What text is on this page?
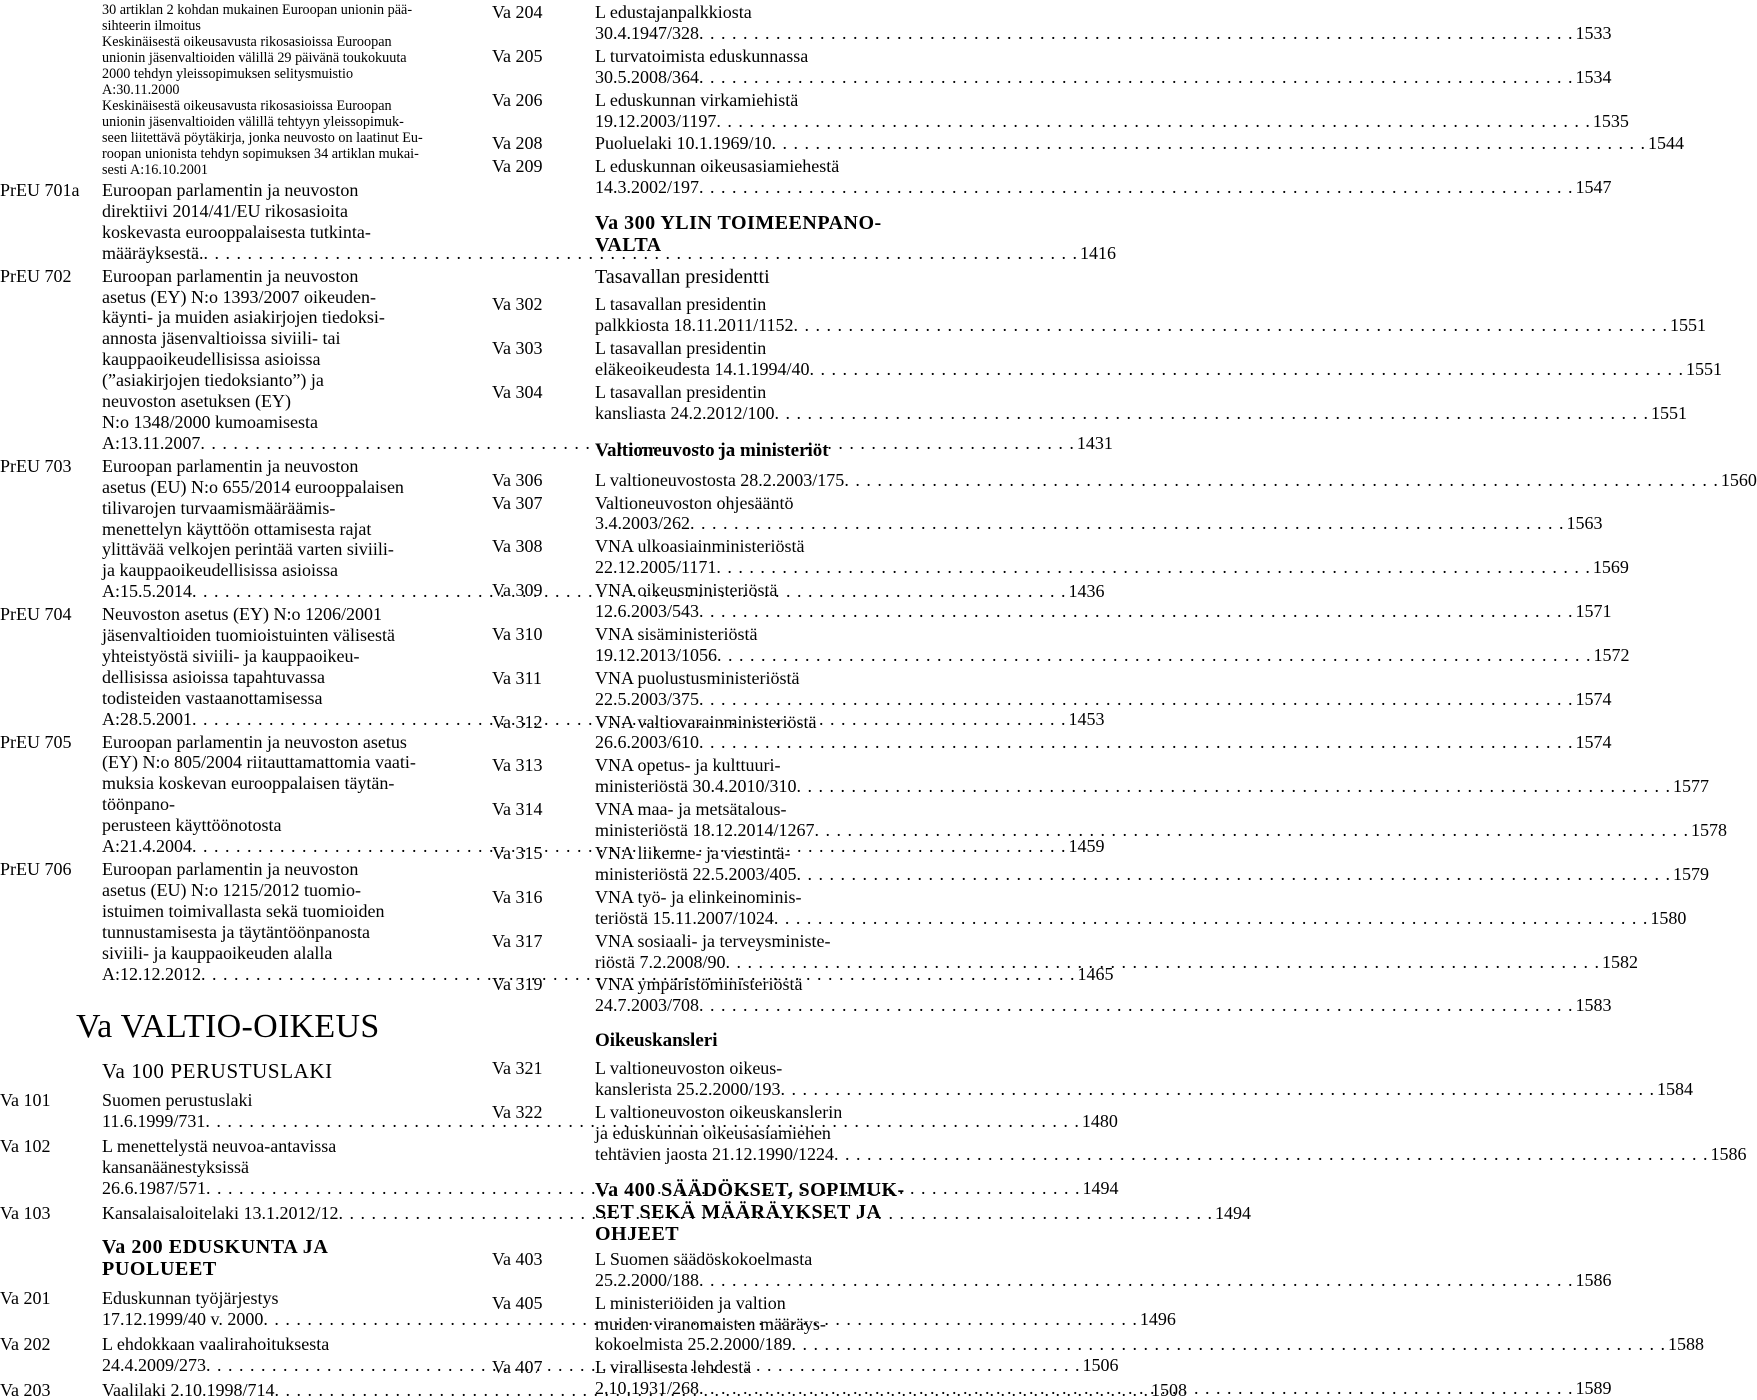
30 artiklan 2 kohdan mukainen Euroopan unionin pää-
sihteerin ilmoitus
Keskinäisestä oikeusavusta rikosasioissa Euroopan
unionin jäsenvaltioiden välillä 29 päivänä toukokuuta
2000 tehdyn yleissopimuksen selitysmuistio
A:30.11.2000
Keskinäisestä oikeusavusta rikosasioissa Euroopan
unionin jäsenvaltioiden välillä tehtyyn yleissopimuk-
seen liitettävä pöytäkirja, jonka neuvosto on laatinut Eu-
roopan unionista tehdyn sopimuksen 34 artiklan mukai-
sesti A:16.10.2001
PrEU 701a	Euroopan parlamentin ja neuvoston
direktiivi 2014/41/EU rikosasioita
koskevasta eurooppalaisesta tutkinta-
määräyksestä. . . .	1416
PrEU 702	Euroopan parlamentin ja neuvoston
asetus (EY) N:o 1393/2007 oikeuden-
käynti- ja muiden asiakirjojen tiedoksi-
annosta jäsenvaltioissa siviili- tai
kauppaoikeudellisissa asioissa
(”asiakirjojen tiedoksianto”) ja
neuvoston asetuksen (EY)
N:o 1348/2000 kumoamisesta
A:13.11.2007 . . .	1431
PrEU 703	Euroopan parlamentin ja neuvoston
asetus (EU) N:o 655/2014 eurooppalaisen
tilivarojen turvaamismääräämis-
menettelyn käyttöön ottamisesta rajat
ylittävää velkojen perintää varten siviili-
ja kauppaoikeudellisissa asioissa
A:15.5.2014 . . .	1436
PrEU 704	Neuvoston asetus (EY) N:o 1206/2001
jäsenvaltioiden tuomioistuinten välisestä
yhteistyöstä siviili- ja kauppaoikeu-
dellisissa asioissa tapahtuvassa
todisteiden vastaanottamisessa
A:28.5.2001 . . .	1453
PrEU 705	Euroopan parlamentin ja neuvoston asetus
(EY) N:o 805/2004 riitauttamattomia vaati-
muksia koskevan eurooppalaisen täytän-
töönpano-
perusteen käyttöönotosta
A:21.4.2004 . . .	1459
PrEU 706	Euroopan parlamentin ja neuvoston
asetus (EU) N:o 1215/2012 tuomio-
istuimen toimivallasta sekä tuomioiden
tunnustamisesta ja täytäntöönpanosta
siviili- ja kauppaoikeuden alalla
A:12.12.2012 . . .	1465
Va VALTIO-OIKEUS
Va 100 PERUSTUSLAKI
Va 101	Suomen perustuslaki
11.6.1999/731 . . .	1480
Va 102	L menettelystä neuvoa-antavissa
kansanäänestyksissä
26.6.1987/571 . . .	1494
Va 103	Kansalaisaloitelaki 13.1.2012/12 . . .	1494
Va 200 EDUSKUNTA JA
PUOLUEET
Va 201	Eduskunnan työjärjestys
17.12.1999/40 v. 2000 . . .	1496
Va 202	L ehdokkaan vaalirahoituksesta
24.4.2009/273 . . .	1506
Va 203	Vaalilaki 2.10.1998/714 . . .	1508
Va 204	L edustajanpalkkiosta
30.4.1947/328 . . .	1533
Va 205	L turvatoimista eduskunnassa
30.5.2008/364 . . .	1534
Va 206	L eduskunnan virkamiehistä
19.12.2003/1197 . . .	1535
Va 208	Puoluelaki 10.1.1969/10 . . .	1544
Va 209	L eduskunnan oikeusasiamiehestä
14.3.2002/197 . . .	1547
Va 300 YLIN TOIMEENPANO-
VALTA
Tasavallan presidentti
Va 302	L tasavallan presidentin
palkkiosta 18.11.2011/1152 . . .	1551
Va 303	L tasavallan presidentin
eläkeoikeudesta 14.1.1994/40 . . .	1551
Va 304	L tasavallan presidentin
kansliasta 24.2.2012/100 . . .	1551
Valtioneuvosto ja ministeriöt
Va 306	L valtioneuvostosta 28.2.2003/175 . . .	1560
Va 307	Valtioneuvoston ohjesääntö
3.4.2003/262 . . .	1563
Va 308	VNA ulkoasiainministeriöstä
22.12.2005/1171 . . .	1569
Va 309	VNA oikeusministeriöstä
12.6.2003/543 . . .	1571
Va 310	VNA sisäministeriöstä
19.12.2013/1056 . . .	1572
Va 311	VNA puolustusministeriöstä
22.5.2003/375 . . .	1574
Va 312	VNA valtiovarainministeriöstä
26.6.2003/610 . . .	1574
Va 313	VNA opetus- ja kulttuuri-
ministeriöstä 30.4.2010/310 . . .	1577
Va 314	VNA maa- ja metsätalous-
ministeriöstä 18.12.2014/1267 . . .	1578
Va 315	VNA liikenne- ja viestintä-
ministeriöstä 22.5.2003/405 . . .	1579
Va 316	VNA työ- ja elinkeinominis-
teriöstä 15.11.2007/1024 . . .	1580
Va 317	VNA sosiaali- ja terveysministe-
riöstä 7.2.2008/90 . . .	1582
Va 319	VNA ympäristöministeriöstä
24.7.2003/708 . . .	1583
Oikeuskansleri
Va 321	L valtioneuvoston oikeus-
kanslerista 25.2.2000/193 . . .	1584
Va 322	L valtioneuvoston oikeuskanslerin
ja eduskunnan oikeusasiamiehen
tehtävien jaosta 21.12.1990/1224 . . .	1586
Va 400 SÄÄDÖKSET, SOPIMUK-
SET SEKÄ MÄÄRÄYKSET JA
OHJEET
Va 403	L Suomen säädöskokoelmasta
25.2.2000/188 . . .	1586
Va 405	L ministeriöiden ja valtion
muiden viranomaisten määräys-
kokoelmista 25.2.2000/189 . . .	1588
Va 407	L virallisesta lehdestä
2.10.1931/268 . . .	1589
